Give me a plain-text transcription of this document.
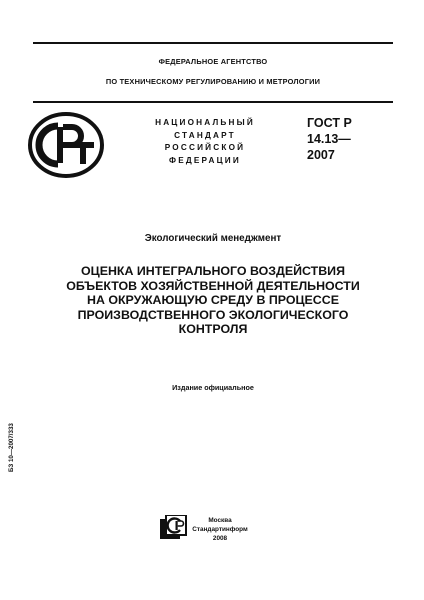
ФЕДЕРАЛЬНОЕ АГЕНТСТВО
ПО ТЕХНИЧЕСКОМУ РЕГУЛИРОВАНИЮ И МЕТРОЛОГИИ
НАЦИОНАЛЬНЫЙ
СТАНДАРТ
РОССИЙСКОЙ
ФЕДЕРАЦИИ
ГОСТ Р
14.13—
2007
Экологический менеджмент
ОЦЕНКА ИНТЕГРАЛЬНОГО ВОЗДЕЙСТВИЯ
ОБЪЕКТОВ ХОЗЯЙСТВЕННОЙ ДЕЯТЕЛЬНОСТИ
НА ОКРУЖАЮЩУЮ СРЕДУ В ПРОЦЕССЕ
ПРОИЗВОДСТВЕННОГО ЭКОЛОГИЧЕСКОГО
КОНТРОЛЯ
Издание официальное
БЗ 10—2007/333
Москва
Стандартинформ
2008
